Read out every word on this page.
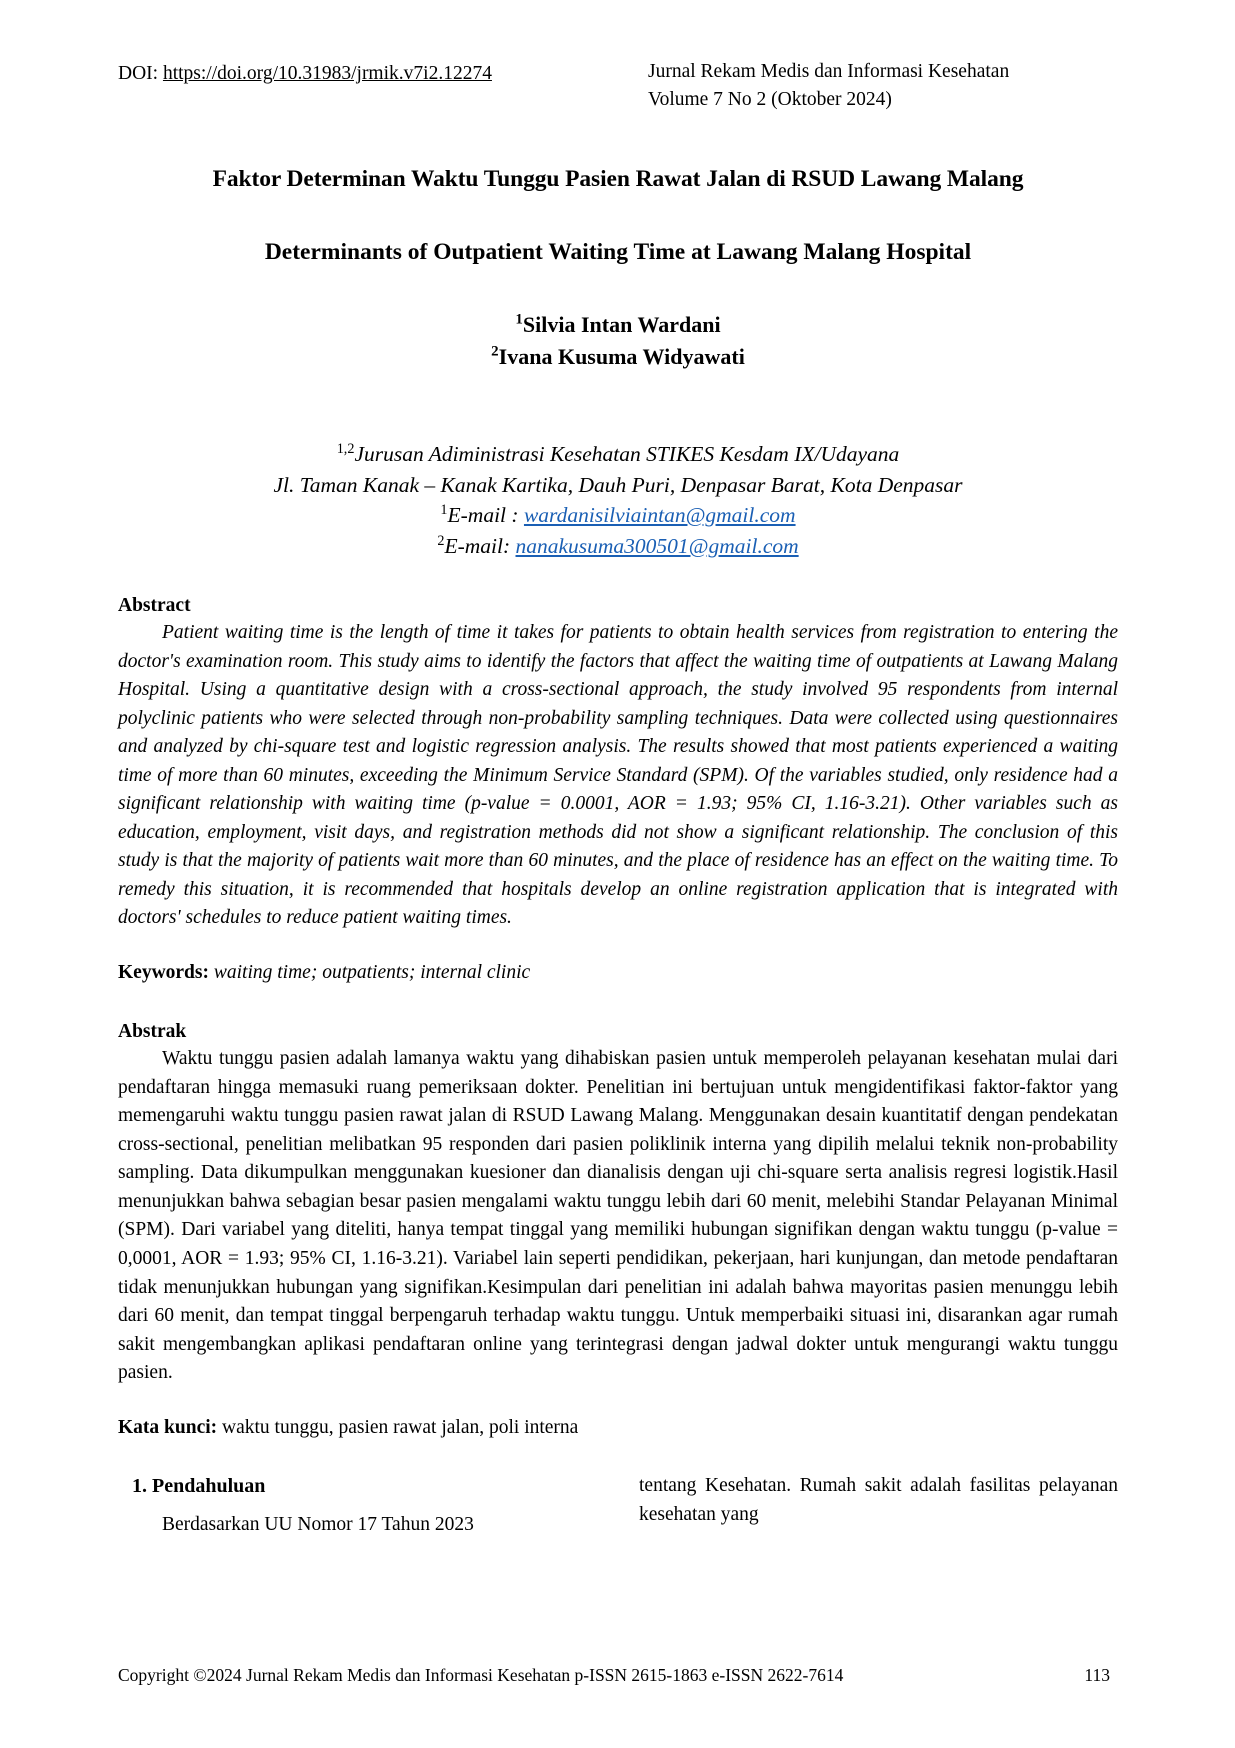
DOI: https://doi.org/10.31983/jrmik.v7i2.12274	Jurnal Rekam Medis dan Informasi Kesehatan
Volume 7 No 2 (Oktober 2024)
Faktor Determinan Waktu Tunggu Pasien Rawat Jalan di RSUD Lawang Malang
Determinants of Outpatient Waiting Time at Lawang Malang Hospital
$^1$Silvia Intan Wardani
$^2$Ivana Kusuma Widyawati
$^{1,2}$Jurusan Adiministrasi Kesehatan STIKES Kesdam IX/Udayana
Jl. Taman Kanak – Kanak Kartika, Dauh Puri, Denpasar Barat, Kota Denpasar
$^1$E-mail : wardanisilviaintan@gmail.com
$^2$E-mail: nanakusuma300501@gmail.com
Abstract

Patient waiting time is the length of time it takes for patients to obtain health services from registration to entering the doctor's examination room. This study aims to identify the factors that affect the waiting time of outpatients at Lawang Malang Hospital. Using a quantitative design with a cross-sectional approach, the study involved 95 respondents from internal polyclinic patients who were selected through non-probability sampling techniques. Data were collected using questionnaires and analyzed by chi-square test and logistic regression analysis. The results showed that most patients experienced a waiting time of more than 60 minutes, exceeding the Minimum Service Standard (SPM). Of the variables studied, only residence had a significant relationship with waiting time (p-value = 0.0001, AOR = 1.93; 95% CI, 1.16-3.21). Other variables such as education, employment, visit days, and registration methods did not show a significant relationship. The conclusion of this study is that the majority of patients wait more than 60 minutes, and the place of residence has an effect on the waiting time. To remedy this situation, it is recommended that hospitals develop an online registration application that is integrated with doctors' schedules to reduce patient waiting times.

Keywords: waiting time; outpatients; internal clinic
Abstrak

Waktu tunggu pasien adalah lamanya waktu yang dihabiskan pasien untuk memperoleh pelayanan kesehatan mulai dari pendaftaran hingga memasuki ruang pemeriksaan dokter. Penelitian ini bertujuan untuk mengidentifikasi faktor-faktor yang memengaruhi waktu tunggu pasien rawat jalan di RSUD Lawang Malang. Menggunakan desain kuantitatif dengan pendekatan cross-sectional, penelitian melibatkan 95 responden dari pasien poliklinik interna yang dipilih melalui teknik non-probability sampling. Data dikumpulkan menggunakan kuesioner dan dianalisis dengan uji chi-square serta analisis regresi logistik.Hasil menunjukkan bahwa sebagian besar pasien mengalami waktu tunggu lebih dari 60 menit, melebihi Standar Pelayanan Minimal (SPM). Dari variabel yang diteliti, hanya tempat tinggal yang memiliki hubungan signifikan dengan waktu tunggu (p-value = 0,0001, AOR = 1.93; 95% CI, 1.16-3.21). Variabel lain seperti pendidikan, pekerjaan, hari kunjungan, dan metode pendaftaran tidak menunjukkan hubungan yang signifikan.Kesimpulan dari penelitian ini adalah bahwa mayoritas pasien menunggu lebih dari 60 menit, dan tempat tinggal berpengaruh terhadap waktu tunggu. Untuk memperbaiki situasi ini, disarankan agar rumah sakit mengembangkan aplikasi pendaftaran online yang terintegrasi dengan jadwal dokter untuk mengurangi waktu tunggu pasien.

Kata kunci: waktu tunggu, pasien rawat jalan, poli interna
1. Pendahuluan

Berdasarkan UU Nomor 17 Tahun 2023

tentang Kesehatan. Rumah sakit adalah fasilitas pelayanan kesehatan yang

Copyright ©2024 Jurnal Rekam Medis dan Informasi Kesehatan p-ISSN 2615-1863 e-ISSN 2622-7614	113
